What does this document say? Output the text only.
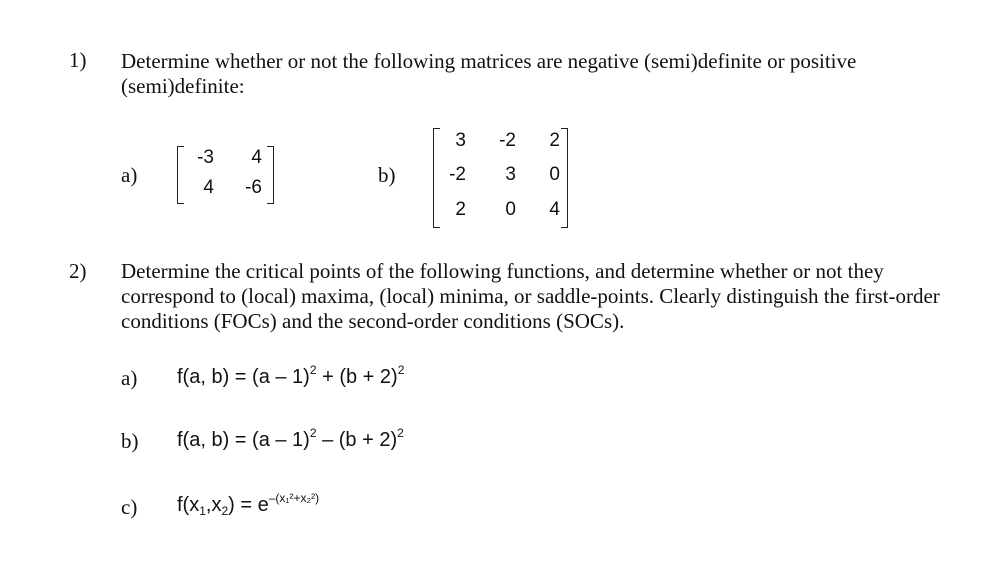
1) Determine whether or not the following matrices are negative (semi)definite or positive (semi)definite:
a)
-3 4
4 -6
b)
3 -2 2
-2 3 0
2 0 4
2) Determine the critical points of the following functions, and determine whether or not they correspond to (local) maxima, (local) minima, or saddle-points. Clearly distinguish the first-order conditions (FOCs) and the second-order conditions (SOCs).
a) f(a, $b) = (a - 1)^2 + (b + 2)^2$
b) f(a, $b) = (a - 1)^2 - (b + 2)^2$
c) $f(x_1,x_2) = e^{-(x_1^2+x_2^2)}$
